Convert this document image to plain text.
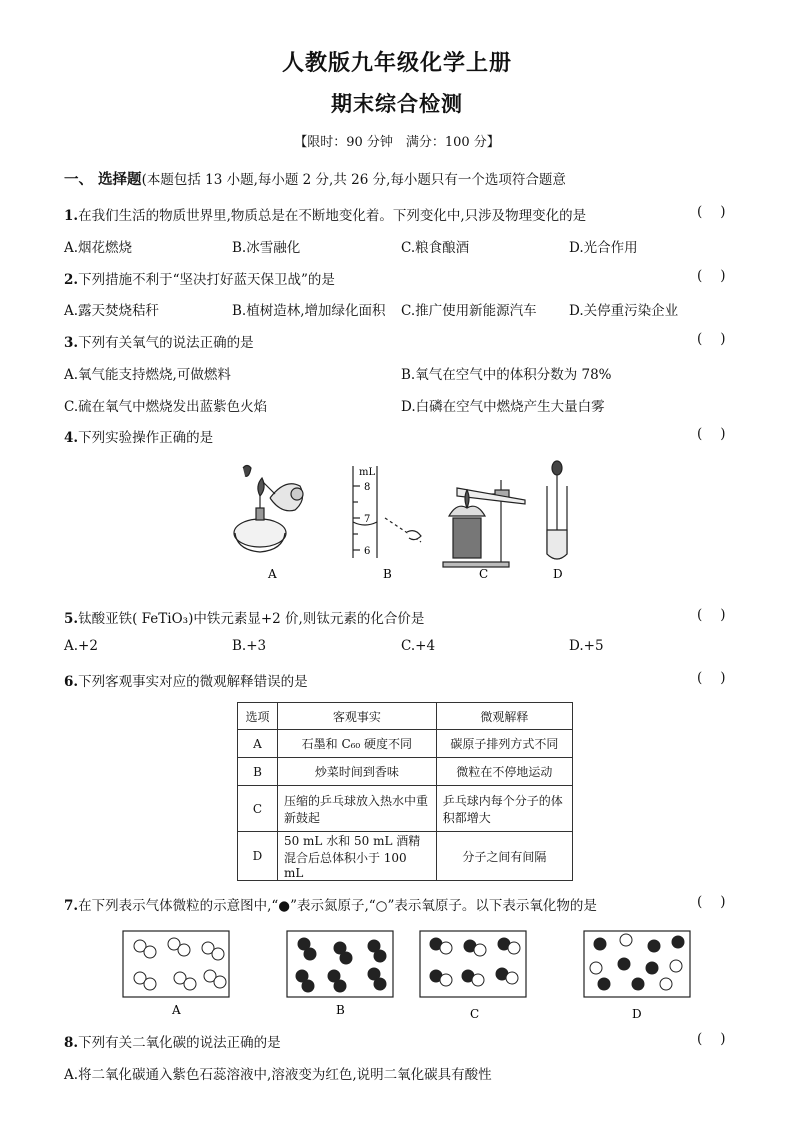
人教版九年级化学上册
期末综合检测
【限时：90 分钟　满分：100 分】
一、 选择题(本题包括 13 小题,每小题 2 分,共 26 分,每小题只有一个选项符合题意
1.在我们生活的物质世界里,物质总是在不断地变化着。下列变化中,只涉及物理变化的是	()
A.烟花燃烧	B.冰雪融化	C.粮食酿酒	D.光合作用
2.下列措施不利于“坚决打好蓝天保卫战”的是	()
A.露天焚烧秸秆	B.植树造林,增加绿化面积 C.推广使用新能源汽车 D.关停重污染企业
3.下列有关氧气的说法正确的是	()
A.氧气能支持燃烧,可做燃料	B.氧气在空气中的体积分数为 78%
C.硫在氧气中燃烧发出蓝紫色火焰	D.白磷在空气中燃烧产生大量白雾
4.下列实验操作正确的是	()
A
mL
8
7
6
B	C	D
5.钛酸亚铁( FeTiO₃)中铁元素显+2 价,则钛元素的化合价是	()
A.+2	B.+3	C.+4	D.+5
6.下列客观事实对应的微观解释错误的是	()
选项	客观事实	微观解释
A	石墨和 C₆₀ 硬度不同	碳原子排列方式不同
B	炒菜时间到香味	微粒在不停地运动
C	压缩的乒乓球放入热水中重新鼓起	乒乓球内每个分子的体积都增大
D	50 mL 水和 50 mL 酒精混合后总体积小于 100 mL	分子之间有间隔
7.在下列表示气体微粒的示意图中,“●”表示氮原子,“○”表示氧原子。以下表示氧化物的是	()
A	B	C	D
8.下列有关二氧化碳的说法正确的是	()
A.将二氧化碳通入紫色石蕊溶液中,溶液变为红色,说明二氧化碳具有酸性
